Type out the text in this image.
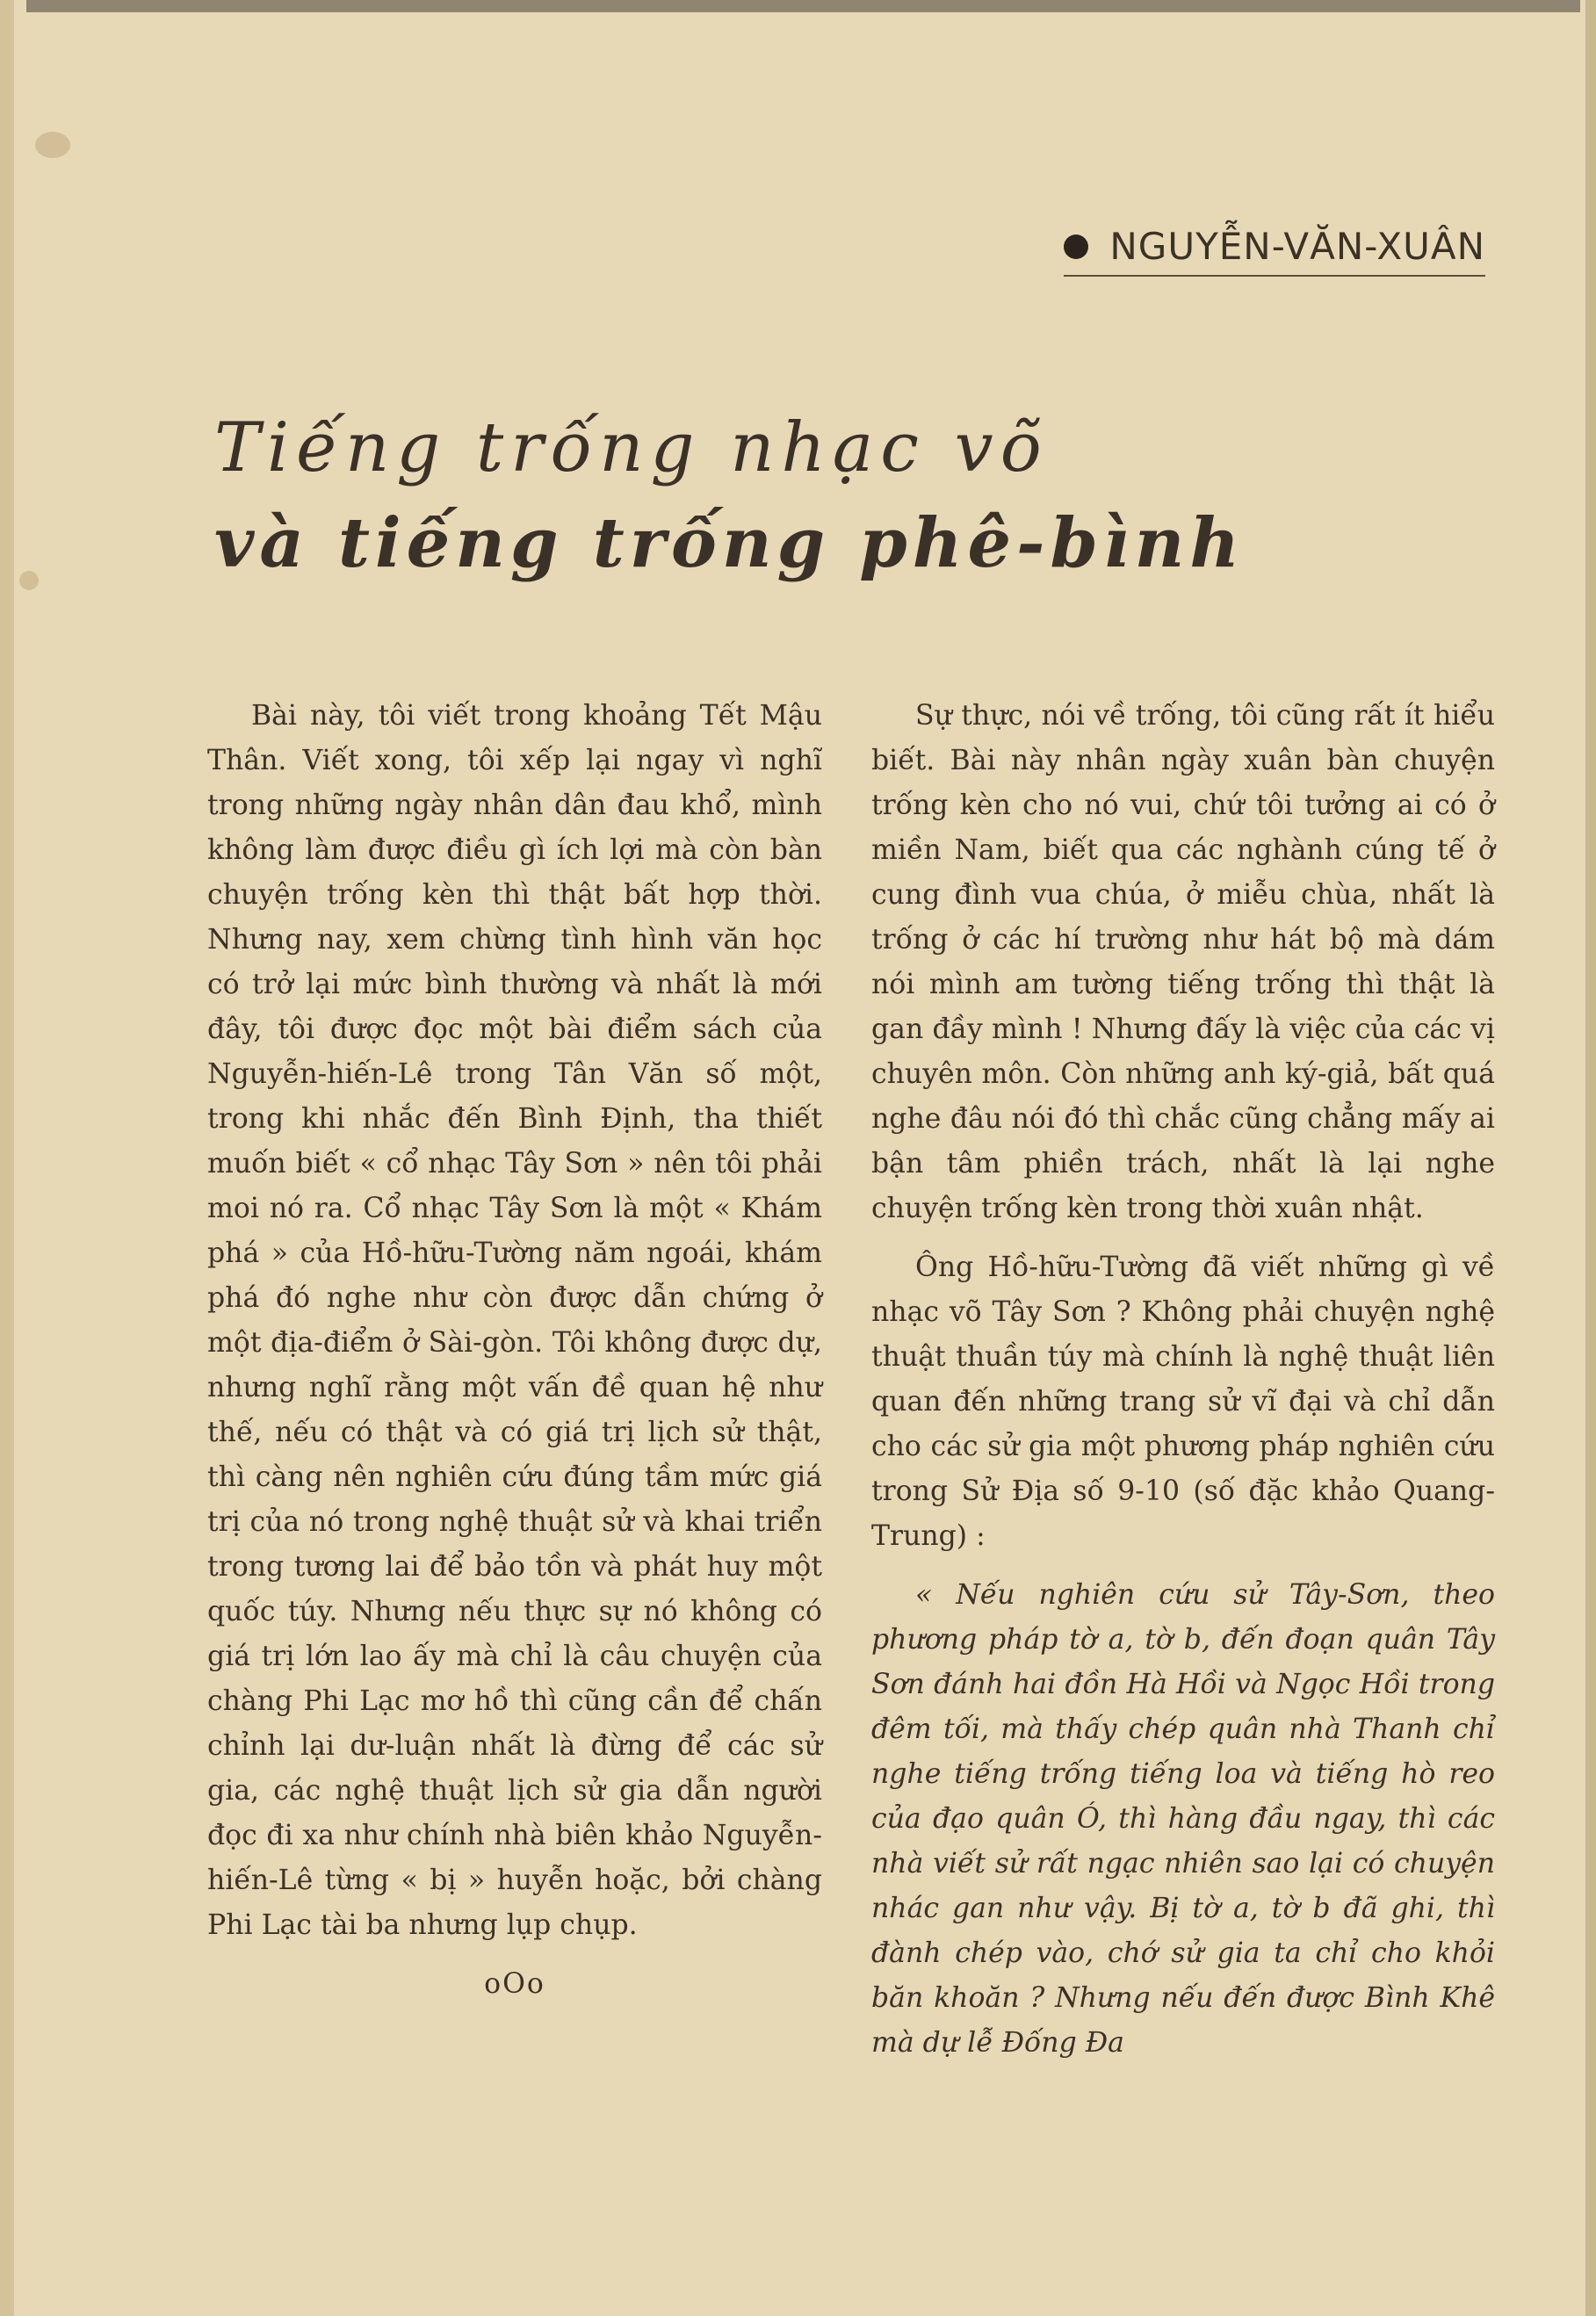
NGUYỄN-VĂN-XUÂN
Tiếng trống nhạc võ
và tiếng trống phê-bình

Bài này, tôi viết trong khoảng Tết Mậu Thân. Viết xong, tôi xếp lại ngay vì nghĩ trong những ngày nhân dân đau khổ, mình không làm được điều gì ích lợi mà còn bàn chuyện trống kèn thì thật bất hợp thời. Nhưng nay, xem chừng tình hình văn học có trở lại mức bình thường và nhất là mới đây, tôi được đọc một bài điểm sách của Nguyễn-hiến-Lê trong Tân Văn số một, trong khi nhắc đến Bình Định, tha thiết muốn biết « cổ nhạc Tây Sơn » nên tôi phải moi nó ra. Cổ nhạc Tây Sơn là một « Khám phá » của Hồ-hữu-Tường năm ngoái, khám phá đó nghe như còn được dẫn chứng ở một địa-điểm ở Sài-gòn. Tôi không được dự, nhưng nghĩ rằng một vấn đề quan hệ như thế, nếu có thật và có giá trị lịch sử thật, thì càng nên nghiên cứu đúng tầm mức giá trị của nó trong nghệ thuật sử và khai triển trong tương lai để bảo tồn và phát huy một quốc túy. Nhưng nếu thực sự nó không có giá trị lớn lao ấy mà chỉ là câu chuyện của chàng Phi Lạc mơ hồ thì cũng cần để chấn chỉnh lại dư-luận nhất là đừng để các sử gia, các nghệ thuật lịch sử gia dẫn người đọc đi xa như chính nhà biên khảo Nguyễn-hiến-Lê từng « bị » huyễn hoặc, bởi chàng Phi Lạc tài ba nhưng lụp chụp.

oOo

Sự thực, nói về trống, tôi cũng rất ít hiểu biết. Bài này nhân ngày xuân bàn chuyện trống kèn cho nó vui, chứ tôi tưởng ai có ở miền Nam, biết qua các nghành cúng tế ở cung đình vua chúa, ở miễu chùa, nhất là trống ở các hí trường như hát bộ mà dám nói mình am tường tiếng trống thì thật là gan đầy mình ! Nhưng đấy là việc của các vị chuyên môn. Còn những anh ký-giả, bất quá nghe đâu nói đó thì chắc cũng chẳng mấy ai bận tâm phiền trách, nhất là lại nghe chuyện trống kèn trong thời xuân nhật.

Ông Hồ-hữu-Tường đã viết những gì về nhạc võ Tây Sơn ? Không phải chuyện nghệ thuật thuần túy mà chính là nghệ thuật liên quan đến những trang sử vĩ đại và chỉ dẫn cho các sử gia một phương pháp nghiên cứu trong Sử Địa số 9-10 (số đặc khảo Quang-Trung) :

« Nếu nghiên cứu sử Tây-Sơn, theo phương pháp tờ a, tờ b, đến đoạn quân Tây Sơn đánh hai đồn Hà Hồi và Ngọc Hồi trong đêm tối, mà thấy chép quân nhà Thanh chỉ nghe tiếng trống tiếng loa và tiếng hò reo của đạo quân Ó, thì hàng đầu ngay, thì các nhà viết sử rất ngạc nhiên sao lại có chuyện nhác gan như vậy. Bị tờ a, tờ b đã ghi, thì đành chép vào, chớ sử gia ta chỉ cho khỏi băn khoăn ? Nhưng nếu đến được Bình Khê mà dự lễ Đống Đa
